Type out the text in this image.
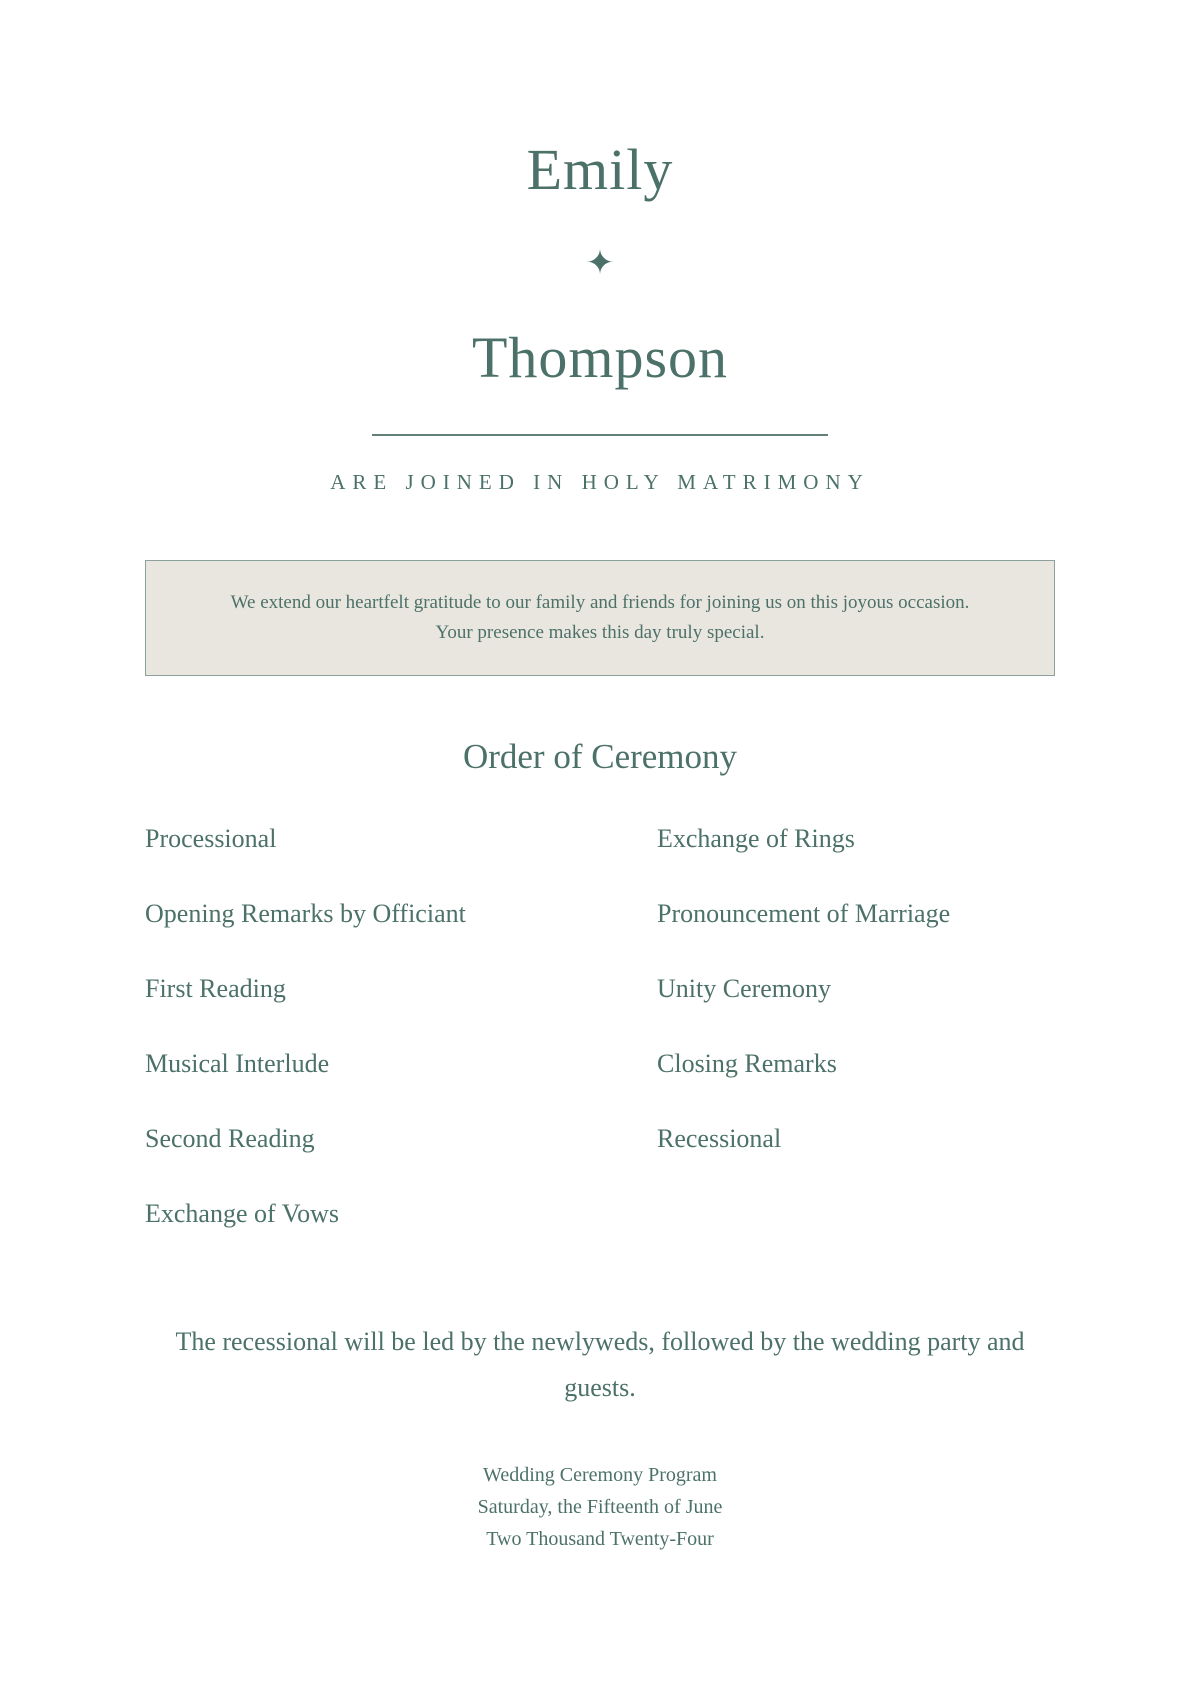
Emily
✦
Thompson
ARE JOINED IN HOLY MATRIMONY

We extend our heartfelt gratitude to our family and friends for joining us on this joyous occasion.

Your presence makes this day truly special.

Order of Ceremony
Processional
Opening Remarks by Officiant
First Reading
Musical Interlude
Second Reading
Exchange of Vows
Exchange of Rings
Pronouncement of Marriage
Unity Ceremony
Closing Remarks
Recessional

The recessional will be led by the newlyweds, followed by the wedding party and guests.

Wedding Ceremony Program
Saturday, the Fifteenth of June
Two Thousand Twenty-Four
